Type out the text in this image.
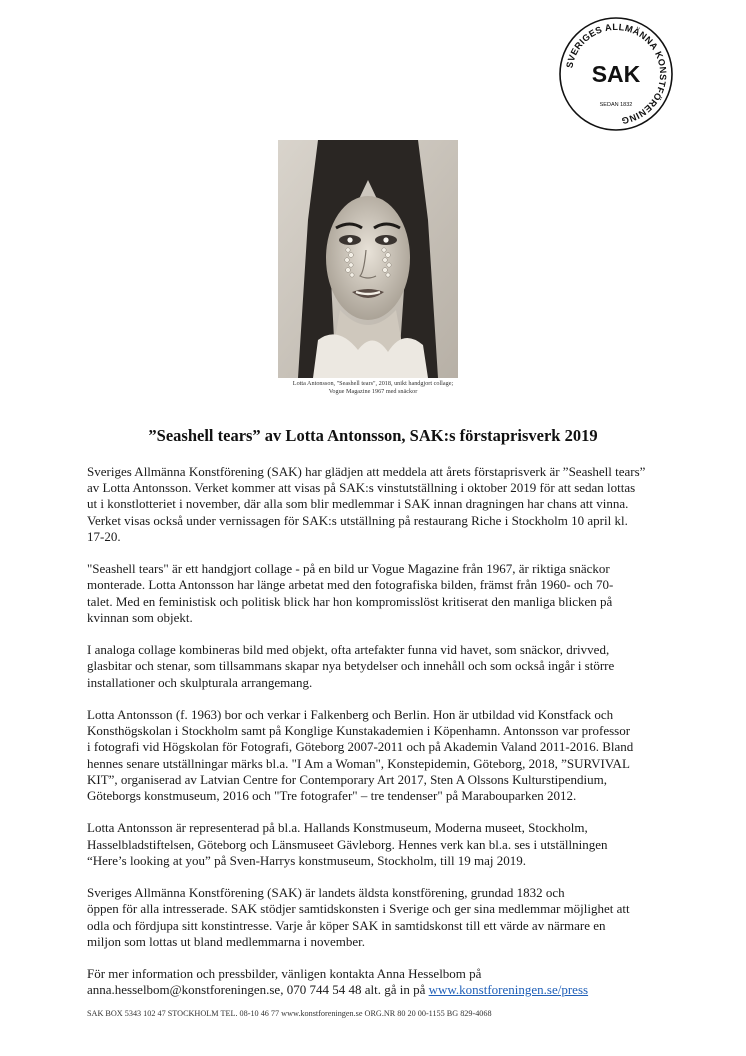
SVERIGES ALLMÄNNA KONSTFÖRENING
SAK
SEDAN 1832
Lotta Antonsson, "Seashell tears", 2018, unikt handgjort collage;
Vogue Magazine 1967 med snäckor
”Seashell tears” av Lotta Antonsson, SAK:s förstaprisverk 2019

Sveriges Allmänna Konstförening (SAK) har glädjen att meddela att årets förstaprisverk är ”Seashell tears”
av Lotta Antonsson. Verket kommer att visas på SAK:s vinstutställning i oktober 2019 för att sedan lottas
ut i konstlotteriet i november, där alla som blir medlemmar i SAK innan dragningen har chans att vinna.
Verket visas också under vernissagen för SAK:s utställning på restaurang Riche i Stockholm 10 april kl.
17-20.

"Seashell tears" är ett handgjort collage - på en bild ur Vogue Magazine från 1967, är riktiga snäckor
monterade. Lotta Antonsson har länge arbetat med den fotografiska bilden, främst från 1960- och 70-
talet. Med en feministisk och politisk blick har hon kompromisslöst kritiserat den manliga blicken på
kvinnan som objekt.

I analoga collage kombineras bild med objekt, ofta artefakter funna vid havet, som snäckor, drivved,
glasbitar och stenar, som tillsammans skapar nya betydelser och innehåll och som också ingår i större
installationer och skulpturala arrangemang.

Lotta Antonsson (f. 1963) bor och verkar i Falkenberg och Berlin. Hon är utbildad vid Konstfack och
Konsthögskolan i Stockholm samt på Konglige Kunstakademien i Köpenhamn. Antonsson var professor
i fotografi vid Högskolan för Fotografi, Göteborg 2007-2011 och på Akademin Valand 2011-2016. Bland
hennes senare utställningar märks bl.a. "I Am a Woman", Konstepidemin, Göteborg, 2018, ”SURVIVAL
KIT”, organiserad av Latvian Centre for Contemporary Art 2017, Sten A Olssons Kulturstipendium,
Göteborgs konstmuseum, 2016 och "Tre fotografer" – tre tendenser" på Marabouparken 2012.

Lotta Antonsson är representerad på bl.a. Hallands Konstmuseum, Moderna museet, Stockholm,
Hasselbladstiftelsen, Göteborg och Länsmuseet Gävleborg. Hennes verk kan bl.a. ses i utställningen
“Here’s looking at you” på Sven-Harrys konstmuseum, Stockholm, till 19 maj 2019.

Sveriges Allmänna Konstförening (SAK) är landets äldsta konstförening, grundad 1832 och
öppen för alla intresserade. SAK stödjer samtidskonsten i Sverige och ger sina medlemmar möjlighet att
odla och fördjupa sitt konstintresse. Varje år köper SAK in samtidskonst till ett värde av närmare en
miljon som lottas ut bland medlemmarna i november.

För mer information och pressbilder, vänligen kontakta Anna Hesselbom på
anna.hesselbom@konstforeningen.se, 070 744 54 48 alt. gå in på www.konstforeningen.se/press

SAK BOX 5343 102 47 STOCKHOLM TEL. 08-10 46 77 www.konstforeningen.se ORG.NR 80 20 00-1155 BG 829-4068
